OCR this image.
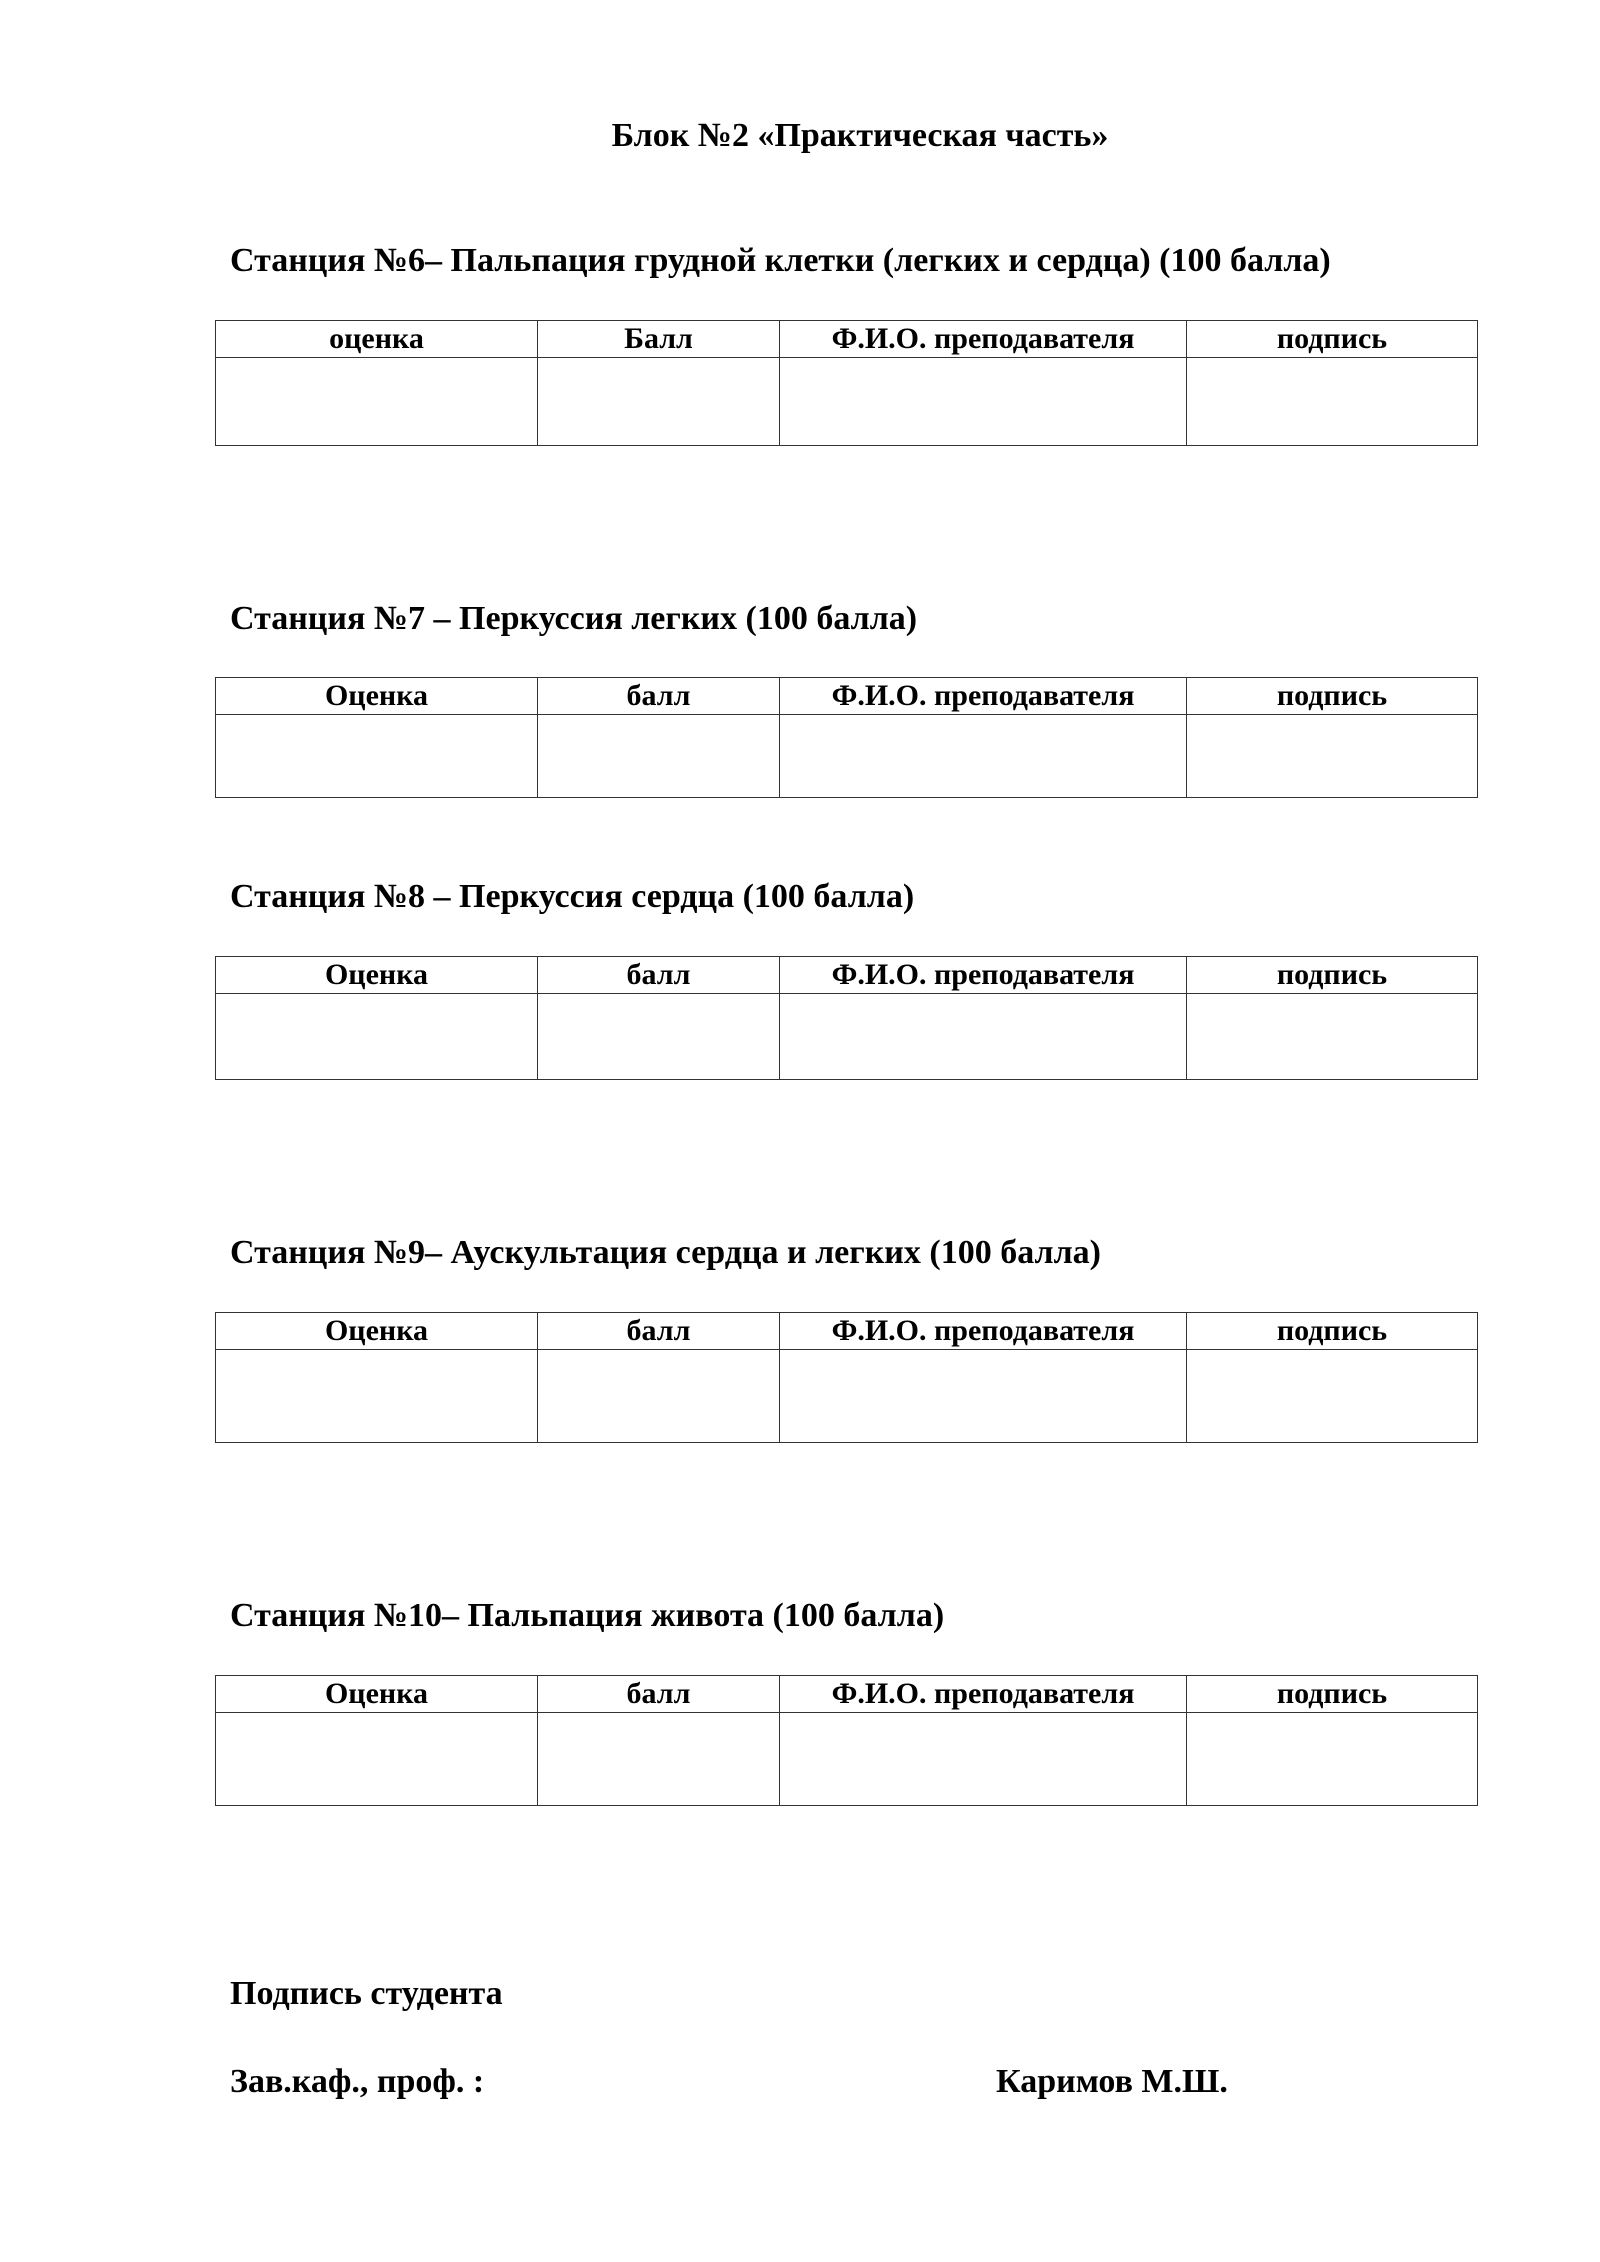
Блок №2 «Практическая часть»
Станция №6– Пальпация грудной клетки (легких и сердца) (100 балла)
оценка	Балл	Ф.И.О. преподавателя	подпись

Станция №7 – Перкуссия легких (100 балла)
Оценка	балл	Ф.И.О. преподавателя	подпись

Станция №8 – Перкуссия сердца (100 балла)
Оценка	балл	Ф.И.О. преподавателя	подпись

Станция №9– Аускультация сердца и легких (100 балла)
Оценка	балл	Ф.И.О. преподавателя	подпись

Станция №10– Пальпация живота (100 балла)
Оценка	балл	Ф.И.О. преподавателя	подпись

Подпись студента
Зав.каф., проф. :	Каримов М.Ш.
